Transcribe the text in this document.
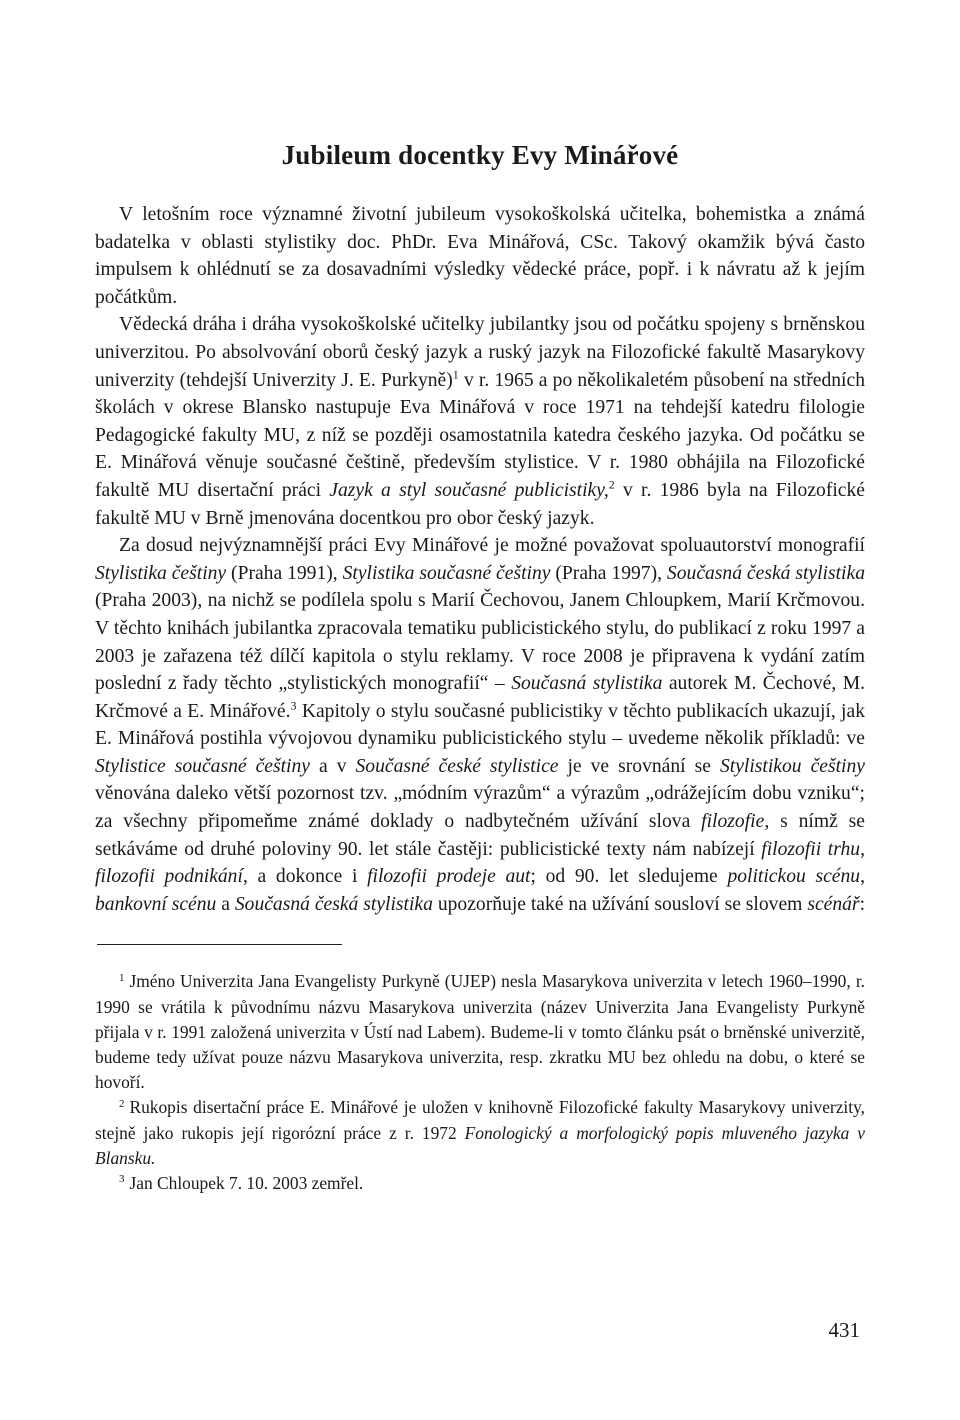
Jubileum docentky Evy Minářové

V letošním roce významné životní jubileum vysokoškolská učitelka, bohemistka a známá badatelka v oblasti stylistiky doc. PhDr. Eva Minářová, CSc. Takový okamžik bývá často impulsem k ohlédnutí se za dosavadními výsledky vědecké práce, popř. i k návratu až k jejím počátkům.

Vědecká dráha i dráha vysokoškolské učitelky jubilantky jsou od počátku spojeny s brněnskou univerzitou. Po absolvování oborů český jazyk a ruský jazyk na Filozofické fakultě Masarykovy univerzity (tehdejší Univerzity J. E. Purkyně)$^1$ v r. 1965 a po několikaletém působení na středních školách v okrese Blansko nastupuje Eva Minářová v roce 1971 na tehdejší katedru filologie Pedagogické fakulty MU, z níž se později osamostatnila katedra českého jazyka. Od počátku se E. Minářová věnuje současné češtině, především stylistice. V r. 1980 obhájila na Filozofické fakultě MU disertační práci Jazyk a styl současné publicistiky,$^2$ v r. 1986 byla na Filozofické fakultě MU v Brně jmenována docentkou pro obor český jazyk.

Za dosud nejvýznamnější práci Evy Minářové je možné považovat spoluautorství monografií Stylistika češtiny (Praha 1991), Stylistika současné češtiny (Praha 1997), Současná česká stylistika (Praha 2003), na nichž se podílela spolu s Marií Čechovou, Janem Chloupkem, Marií Krčmovou. V těchto knihách jubilantka zpracovala tematiku publicistického stylu, do publikací z roku 1997 a 2003 je zařazena též dílčí kapitola o stylu reklamy. V roce 2008 je připravena k vydání zatím poslední z řady těchto „stylistických monografií“ – Současná stylistika autorek M. Čechové, M. Krčmové a E. Minářové.$^3$ Kapitoly o stylu současné publicistiky v těchto publikacích ukazují, jak E. Minářová postihla vývojovou dynamiku publicistického stylu – uvedeme několik příkladů: ve Stylistice současné češtiny a v Současné české stylistice je ve srovnání se Stylistikou češtiny věnována daleko větší pozornost tzv. „módním výrazům“ a výrazům „odrážejícím dobu vzniku“; za všechny připomeňme známé doklady o nadbytečném užívání slova filozofie, s nímž se setkáváme od druhé poloviny 90. let stále častěji: publicistické texty nám nabízejí filozofii trhu, filozofii podnikání, a dokonce i filozofii prodeje aut; od 90. let sledujeme politickou scénu, bankovní scénu a Současná česká stylistika upozorňuje také na užívání sousloví se slovem scénář:

$^1$ Jméno Univerzita Jana Evangelisty Purkyně (UJEP) nesla Masarykova univerzita v letech 1960–1990, r. 1990 se vrátila k původnímu názvu Masarykova univerzita (název Univerzita Jana Evangelisty Purkyně přijala v r. 1991 založená univerzita v Ústí nad Labem). Budeme-li v tomto článku psát o brněnské univerzitě, budeme tedy užívat pouze názvu Masarykova univerzita, resp. zkratku MU bez ohledu na dobu, o které se hovoří.

$^2$ Rukopis disertační práce E. Minářové je uložen v knihovně Filozofické fakulty Masarykovy univerzity, stejně jako rukopis její rigorózní práce z r. 1972 Fonologický a morfologický popis mluveného jazyka v Blansku.

$^3$ Jan Chloupek 7. 10. 2003 zemřel.

431
